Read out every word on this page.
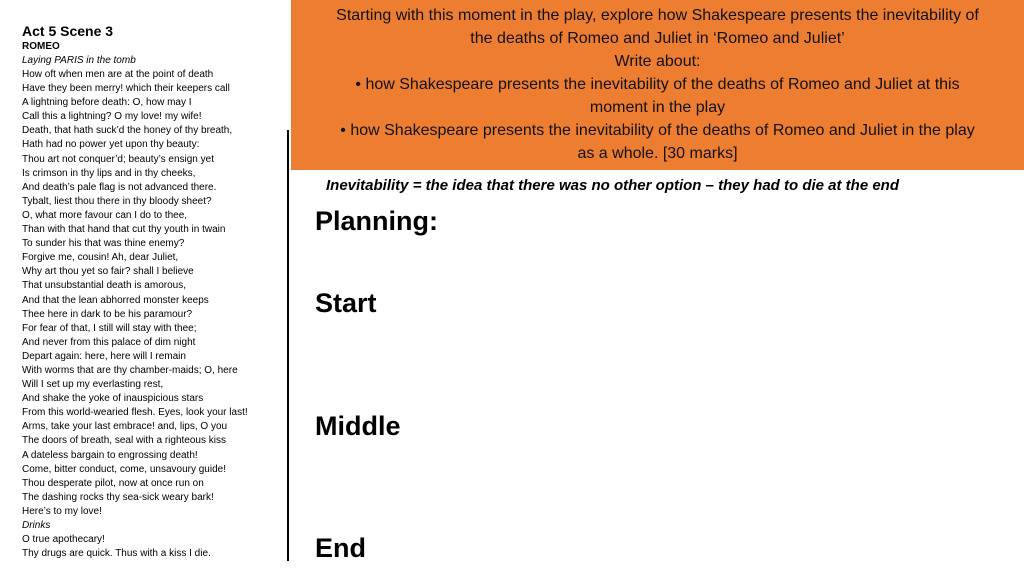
Act 5 Scene 3
ROMEO
Laying PARIS in the tomb
How oft when men are at the point of death
Have they been merry! which their keepers call
A lightning before death: O, how may I
Call this a lightning? O my love! my wife!
Death, that hath suck’d the honey of thy breath,
Hath had no power yet upon thy beauty:
Thou art not conquer’d; beauty’s ensign yet
Is crimson in thy lips and in thy cheeks,
And death’s pale flag is not advanced there.
Tybalt, liest thou there in thy bloody sheet?
O, what more favour can I do to thee,
Than with that hand that cut thy youth in twain
To sunder his that was thine enemy?
Forgive me, cousin! Ah, dear Juliet,
Why art thou yet so fair? shall I believe
That unsubstantial death is amorous,
And that the lean abhorred monster keeps
Thee here in dark to be his paramour?
For fear of that, I still will stay with thee;
And never from this palace of dim night
Depart again: here, here will I remain
With worms that are thy chamber-maids; O, here
Will I set up my everlasting rest,
And shake the yoke of inauspicious stars
From this world-wearied flesh. Eyes, look your last!
Arms, take your last embrace! and, lips, O you
The doors of breath, seal with a righteous kiss
A dateless bargain to engrossing death!
Come, bitter conduct, come, unsavoury guide!
Thou desperate pilot, now at once run on
The dashing rocks thy sea-sick weary bark!
Here’s to my love!
Drinks
O true apothecary!
Thy drugs are quick. Thus with a kiss I die.
Starting with this moment in the play, explore how Shakespeare presents the inevitability of
the deaths of Romeo and Juliet in ‘Romeo and Juliet’
Write about:
• how Shakespeare presents the inevitability of the deaths of Romeo and Juliet at this
moment in the play
• how Shakespeare presents the inevitability of the deaths of Romeo and Juliet in the play
as a whole. [30 marks]
Inevitability = the idea that there was no other option – they had to die at the end
Planning:
Start
Middle
End
